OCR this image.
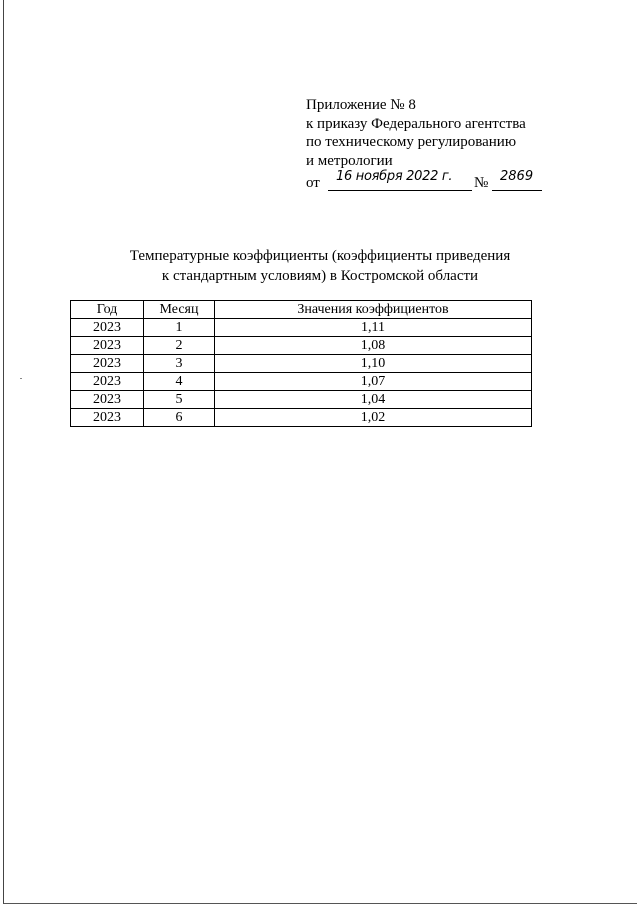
Приложение № 8
к приказу Федерального агентства
по техническому регулированию
и метрологии
от 16 ноября 2022 г. № 2869
Температурные коэффициенты (коэффициенты приведения
к стандартным условиям) в Костромской области
Год	Месяц	Значения коэффициентов
2023	1	1,11
2023	2	1,08
2023	3	1,10
2023	4	1,07
2023	5	1,04
2023	6	1,02
